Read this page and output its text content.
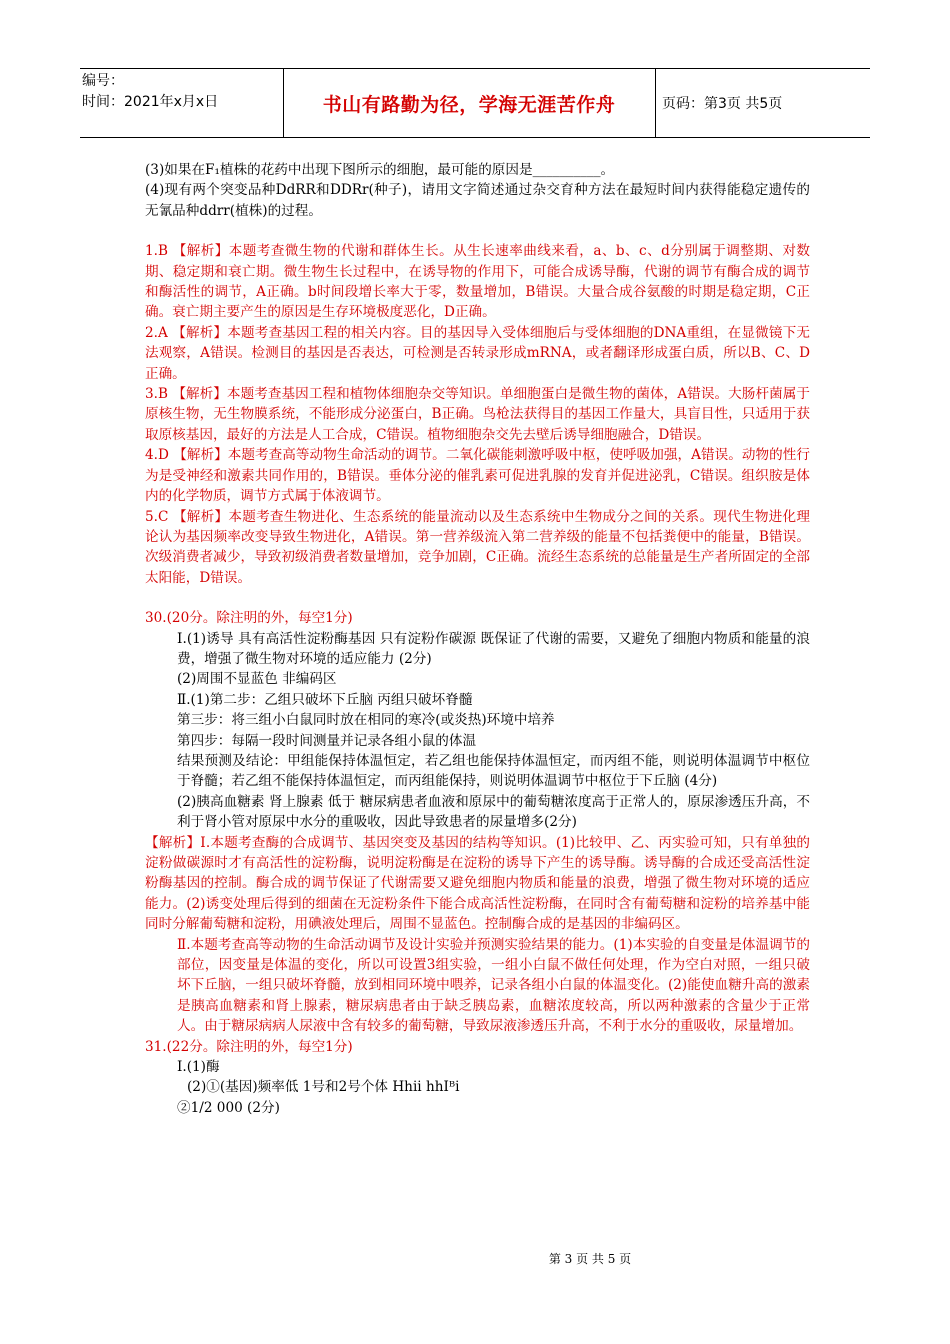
编号：
时间：2021年x月x日	书山有路勤为径，学海无涯苦作舟	页码：第3页 共5页

(3)如果在F₁植株的花药中出现下图所示的细胞，最可能的原因是__________。

(4)现有两个突变品种DdRR和DDRr(种子)，请用文字简述通过杂交育种方法在最短时间内获得能稳定遗传的无氰品种ddrr(植株)的过程。

1.B 【解析】本题考查微生物的代谢和群体生长。从生长速率曲线来看，a、b、c、d分别属于调整期、对数期、稳定期和衰亡期。微生物生长过程中，在诱导物的作用下，可能合成诱导酶，代谢的调节有酶合成的调节和酶活性的调节，A正确。b时间段增长率大于零，数量增加，B错误。大量合成谷氨酸的时期是稳定期，C正确。衰亡期主要产生的原因是生存环境极度恶化，D正确。

2.A 【解析】本题考查基因工程的相关内容。目的基因导入受体细胞后与受体细胞的DNA重组，在显微镜下无法观察，A错误。检测目的基因是否表达，可检测是否转录形成mRNA，或者翻译形成蛋白质，所以B、C、D正确。

3.B 【解析】本题考查基因工程和植物体细胞杂交等知识。单细胞蛋白是微生物的菌体，A错误。大肠杆菌属于原核生物，无生物膜系统，不能形成分泌蛋白，B正确。鸟枪法获得目的基因工作量大，具盲目性，只适用于获取原核基因，最好的方法是人工合成，C错误。植物细胞杂交先去壁后诱导细胞融合，D错误。

4.D 【解析】本题考查高等动物生命活动的调节。二氧化碳能刺激呼吸中枢，使呼吸加强，A错误。动物的性行为是受神经和激素共同作用的，B错误。垂体分泌的催乳素可促进乳腺的发育并促进泌乳，C错误。组织胺是体内的化学物质，调节方式属于体液调节。

5.C 【解析】本题考查生物进化、生态系统的能量流动以及生态系统中生物成分之间的关系。现代生物进化理论认为基因频率改变导致生物进化，A错误。第一营养级流入第二营养级的能量不包括粪便中的能量，B错误。次级消费者减少，导致初级消费者数量增加，竞争加剧，C正确。流经生态系统的总能量是生产者所固定的全部太阳能，D错误。

30.(20分。除注明的外，每空1分)

Ⅰ.(1)诱导 具有高活性淀粉酶基因 只有淀粉作碳源 既保证了代谢的需要，又避免了细胞内物质和能量的浪费，增强了微生物对环境的适应能力 (2分)

(2)周围不显蓝色 非编码区

Ⅱ.(1)第二步：乙组只破坏下丘脑 丙组只破坏脊髓

第三步：将三组小白鼠同时放在相同的寒冷(或炎热)环境中培养

第四步：每隔一段时间测量并记录各组小鼠的体温

结果预测及结论：甲组能保持体温恒定，若乙组也能保持体温恒定，而丙组不能，则说明体温调节中枢位于脊髓；若乙组不能保持体温恒定，而丙组能保持，则说明体温调节中枢位于下丘脑 (4分)

(2)胰高血糖素 肾上腺素 低于 糖尿病患者血液和原尿中的葡萄糖浓度高于正常人的，原尿渗透压升高，不利于肾小管对原尿中水分的重吸收，因此导致患者的尿量增多(2分)

【解析】Ⅰ.本题考查酶的合成调节、基因突变及基因的结构等知识。(1)比较甲、乙、丙实验可知，只有单独的淀粉做碳源时才有高活性的淀粉酶，说明淀粉酶是在淀粉的诱导下产生的诱导酶。诱导酶的合成还受高活性淀粉酶基因的控制。酶合成的调节保证了代谢需要又避免细胞内物质和能量的浪费，增强了微生物对环境的适应能力。(2)诱变处理后得到的细菌在无淀粉条件下能合成高活性淀粉酶，在同时含有葡萄糖和淀粉的培养基中能同时分解葡萄糖和淀粉，用碘液处理后，周围不显蓝色。控制酶合成的是基因的非编码区。

Ⅱ.本题考查高等动物的生命活动调节及设计实验并预测实验结果的能力。(1)本实验的自变量是体温调节的部位，因变量是体温的变化，所以可设置3组实验，一组小白鼠不做任何处理，作为空白对照，一组只破坏下丘脑，一组只破坏脊髓，放到相同环境中喂养，记录各组小白鼠的体温变化。(2)能使血糖升高的激素是胰高血糖素和肾上腺素，糖尿病患者由于缺乏胰岛素，血糖浓度较高，所以两种激素的含量少于正常人。由于糖尿病病人尿液中含有较多的葡萄糖，导致尿液渗透压升高，不利于水分的重吸收，尿量增加。

31.(22分。除注明的外，每空1分)

Ⅰ.(1)酶

(2)①(基因)频率低 1号和2号个体 Hhii hhIᴮi

②1/2 000 (2分)

第 3 页 共 5 页
